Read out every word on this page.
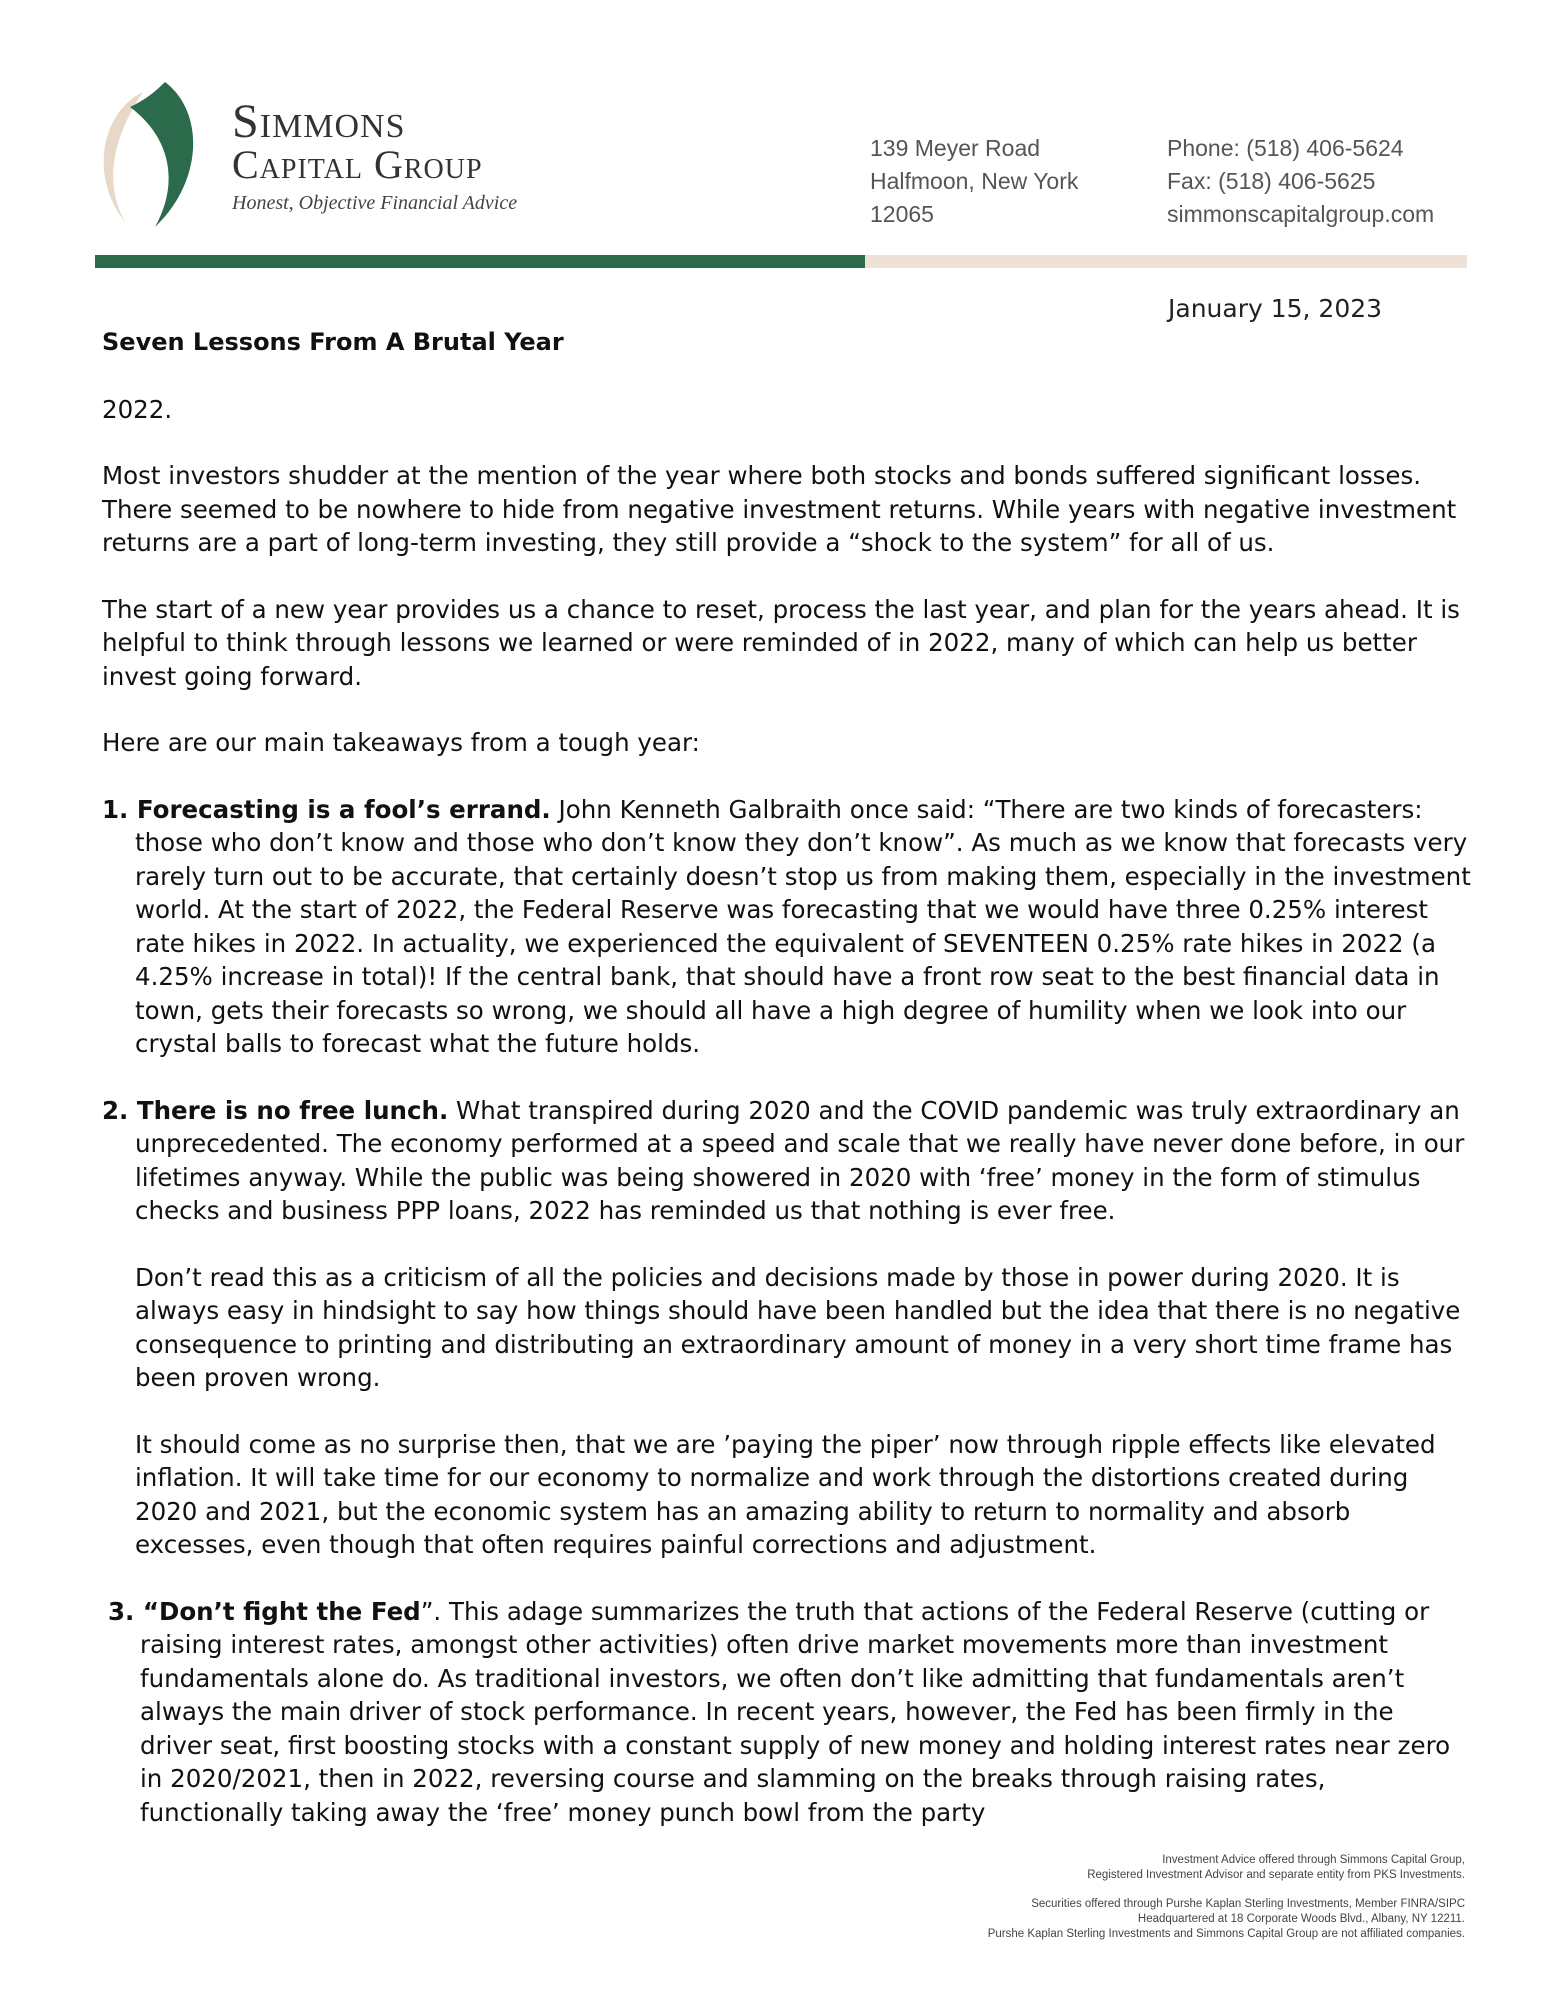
Simmons
Capital Group
Honest, Objective Financial Advice
139 Meyer Road
Halfmoon, New York
12065
Phone: (518) 406-5624
Fax: (518) 406-5625
simmonscapitalgroup.com
January 15, 2023

Seven Lessons From A Brutal Year

2022.

Most investors shudder at the mention of the year where both stocks and bonds suffered significant losses. There seemed to be nowhere to hide from negative investment returns. While years with negative investment returns are a part of long-term investing, they still provide a “shock to the system” for all of us.

The start of a new year provides us a chance to reset, process the last year, and plan for the years ahead. It is helpful to think through lessons we learned or were reminded of in 2022, many of which can help us better invest going forward.

Here are our main takeaways from a tough year:

1. Forecasting is a fool’s errand. John Kenneth Galbraith once said: “There are two kinds of forecasters: those who don’t know and those who don’t know they don’t know”. As much as we know that forecasts very rarely turn out to be accurate, that certainly doesn’t stop us from making them, especially in the investment world. At the start of 2022, the Federal Reserve was forecasting that we would have three 0.25% interest rate hikes in 2022. In actuality, we experienced the equivalent of SEVENTEEN 0.25% rate hikes in 2022 (a 4.25% increase in total)! If the central bank, that should have a front row seat to the best financial data in town, gets their forecasts so wrong, we should all have a high degree of humility when we look into our crystal balls to forecast what the future holds.

2. There is no free lunch. What transpired during 2020 and the COVID pandemic was truly extraordinary an unprecedented. The economy performed at a speed and scale that we really have never done before, in our lifetimes anyway. While the public was being showered in 2020 with ‘free’ money in the form of stimulus checks and business PPP loans, 2022 has reminded us that nothing is ever free.

Don’t read this as a criticism of all the policies and decisions made by those in power during 2020. It is always easy in hindsight to say how things should have been handled but the idea that there is no negative consequence to printing and distributing an extraordinary amount of money in a very short time frame has been proven wrong.

It should come as no surprise then, that we are ’paying the piper’ now through ripple effects like elevated inflation. It will take time for our economy to normalize and work through the distortions created during 2020 and 2021, but the economic system has an amazing ability to return to normality and absorb excesses, even though that often requires painful corrections and adjustment.

3. “Don’t fight the Fed”. This adage summarizes the truth that actions of the Federal Reserve (cutting or raising interest rates, amongst other activities) often drive market movements more than investment fundamentals alone do. As traditional investors, we often don’t like admitting that fundamentals aren’t always the main driver of stock performance. In recent years, however, the Fed has been firmly in the driver seat, first boosting stocks with a constant supply of new money and holding interest rates near zero in 2020/2021, then in 2022, reversing course and slamming on the breaks through raising rates, functionally taking away the ‘free’ money punch bowl from the party

Investment Advice offered through Simmons Capital Group,
Registered Investment Advisor and separate entity from PKS Investments.
Securities offered through Purshe Kaplan Sterling Investments, Member FINRA/SIPC
Headquartered at 18 Corporate Woods Blvd., Albany, NY 12211.
Purshe Kaplan Sterling Investments and Simmons Capital Group are not affiliated companies.
